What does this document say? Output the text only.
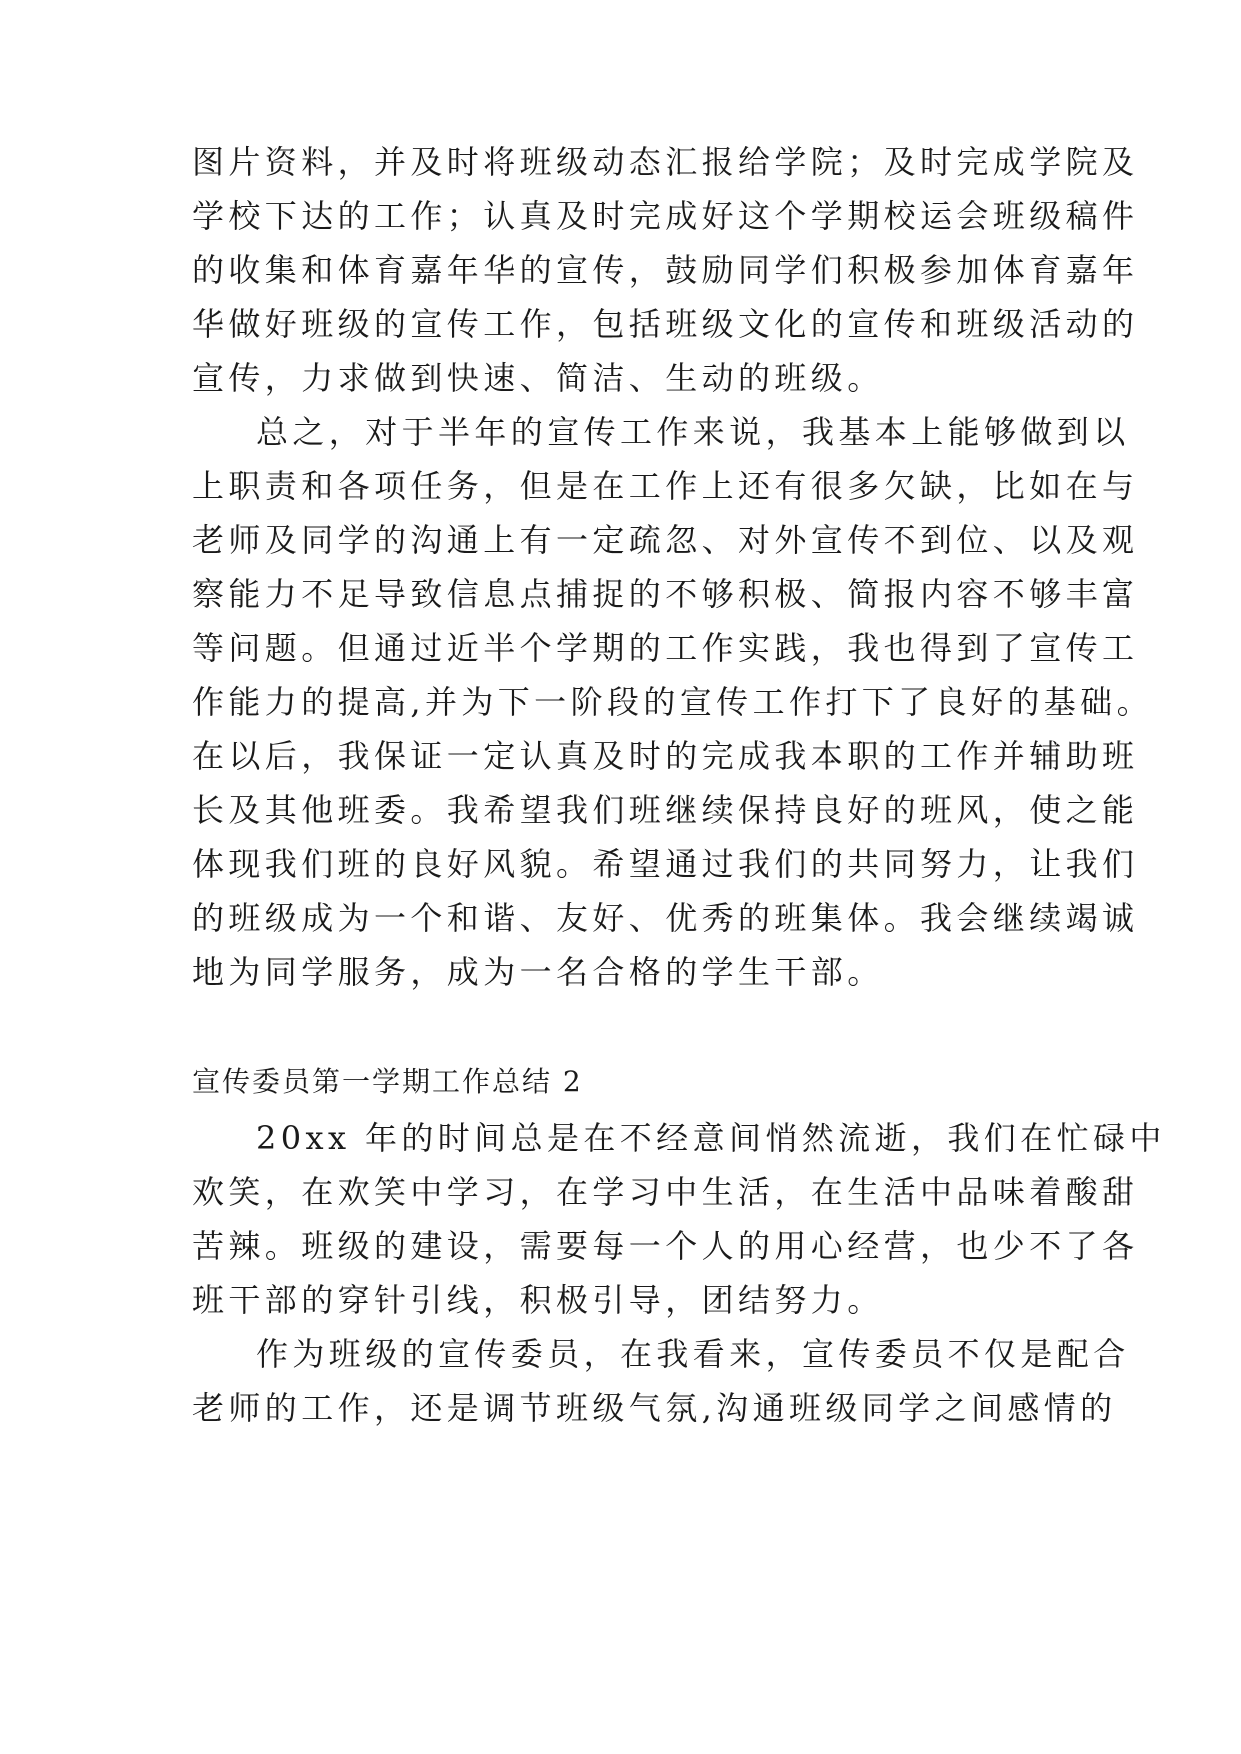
图片资料，并及时将班级动态汇报给学院；及时完成学院及
学校下达的工作；认真及时完成好这个学期校运会班级稿件
的收集和体育嘉年华的宣传，鼓励同学们积极参加体育嘉年
华做好班级的宣传工作，包括班级文化的宣传和班级活动的
宣传，力求做到快速、简洁、生动的班级。
总之，对于半年的宣传工作来说，我基本上能够做到以
上职责和各项任务，但是在工作上还有很多欠缺，比如在与
老师及同学的沟通上有一定疏忽、对外宣传不到位、以及观
察能力不足导致信息点捕捉的不够积极、简报内容不够丰富
等问题。但通过近半个学期的工作实践，我也得到了宣传工
作能力的提高,并为下一阶段的宣传工作打下了良好的基础。
在以后，我保证一定认真及时的完成我本职的工作并辅助班
长及其他班委。我希望我们班继续保持良好的班风，使之能
体现我们班的良好风貌。希望通过我们的共同努力，让我们
的班级成为一个和谐、友好、优秀的班集体。我会继续竭诚
地为同学服务，成为一名合格的学生干部。
宣传委员第一学期工作总结 2
20xx 年的时间总是在不经意间悄然流逝，我们在忙碌中
欢笑，在欢笑中学习，在学习中生活，在生活中品味着酸甜
苦辣。班级的建设，需要每一个人的用心经营，也少不了各
班干部的穿针引线，积极引导，团结努力。
作为班级的宣传委员，在我看来，宣传委员不仅是配合
老师的工作，还是调节班级气氛,沟通班级同学之间感情的
